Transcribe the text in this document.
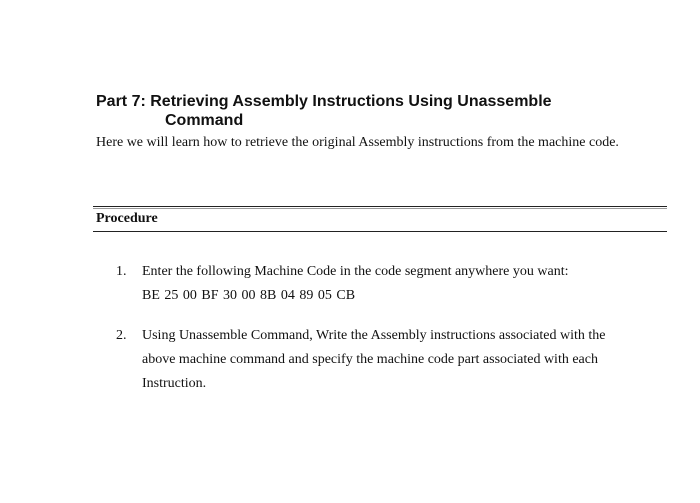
Part 7: Retrieving Assembly Instructions Using Unassemble
Command

Here we will learn how to retrieve the original Assembly instructions from the machine code.

Procedure
1. Enter the following Machine Code in the code segment anywhere you want:
BE 25 00 BF 30 00 8B 04 89 05 CB
2. Using Unassemble Command, Write the Assembly instructions associated with the above machine command and specify the machine code part associated with each Instruction.
